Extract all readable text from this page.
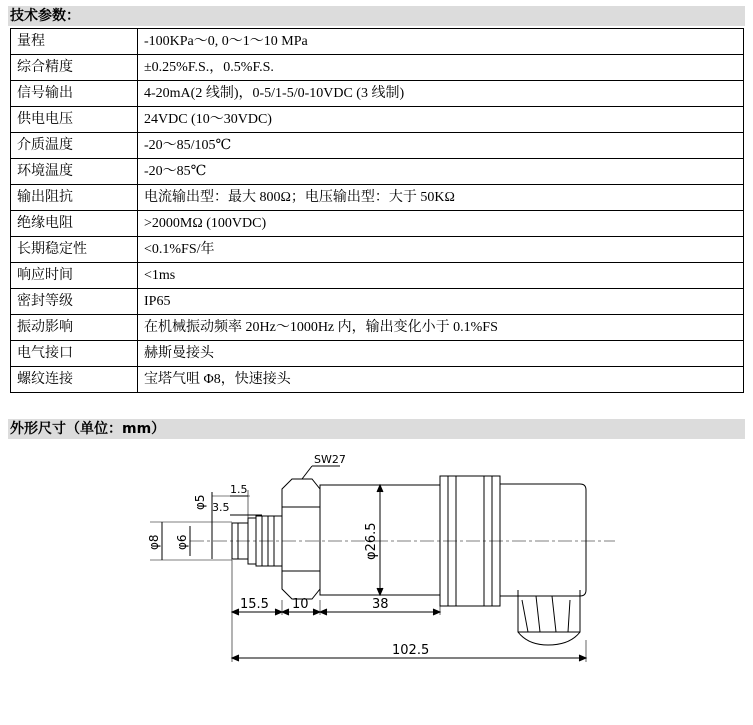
技术参数：
量程	-100KPa～0, 0～1～10 MPa
综合精度	±0.25%F.S.，0.5%F.S.
信号输出	4-20mA(2 线制)，0-5/1-5/0-10VDC (3 线制)
供电电压	24VDC (10～30VDC)
介质温度	-20～85/105℃
环境温度	-20～85℃
输出阻抗	电流输出型：最大 800Ω；电压输出型：大于 50KΩ
绝缘电阻	>2000MΩ (100VDC)
长期稳定性	<0.1%FS/年
响应时间	<1ms
密封等级	IP65
振动影响	在机械振动频率 20Hz～1000Hz 内，输出变化小于 0.1%FS
电气接口	赫斯曼接头
螺纹连接	宝塔气咀 Φ8，快速接头
外形尺寸（单位：mm）
SW27
φ5
1.5
3.5
φ8 φ6	φ26.5
15.5 10	38
102.5
